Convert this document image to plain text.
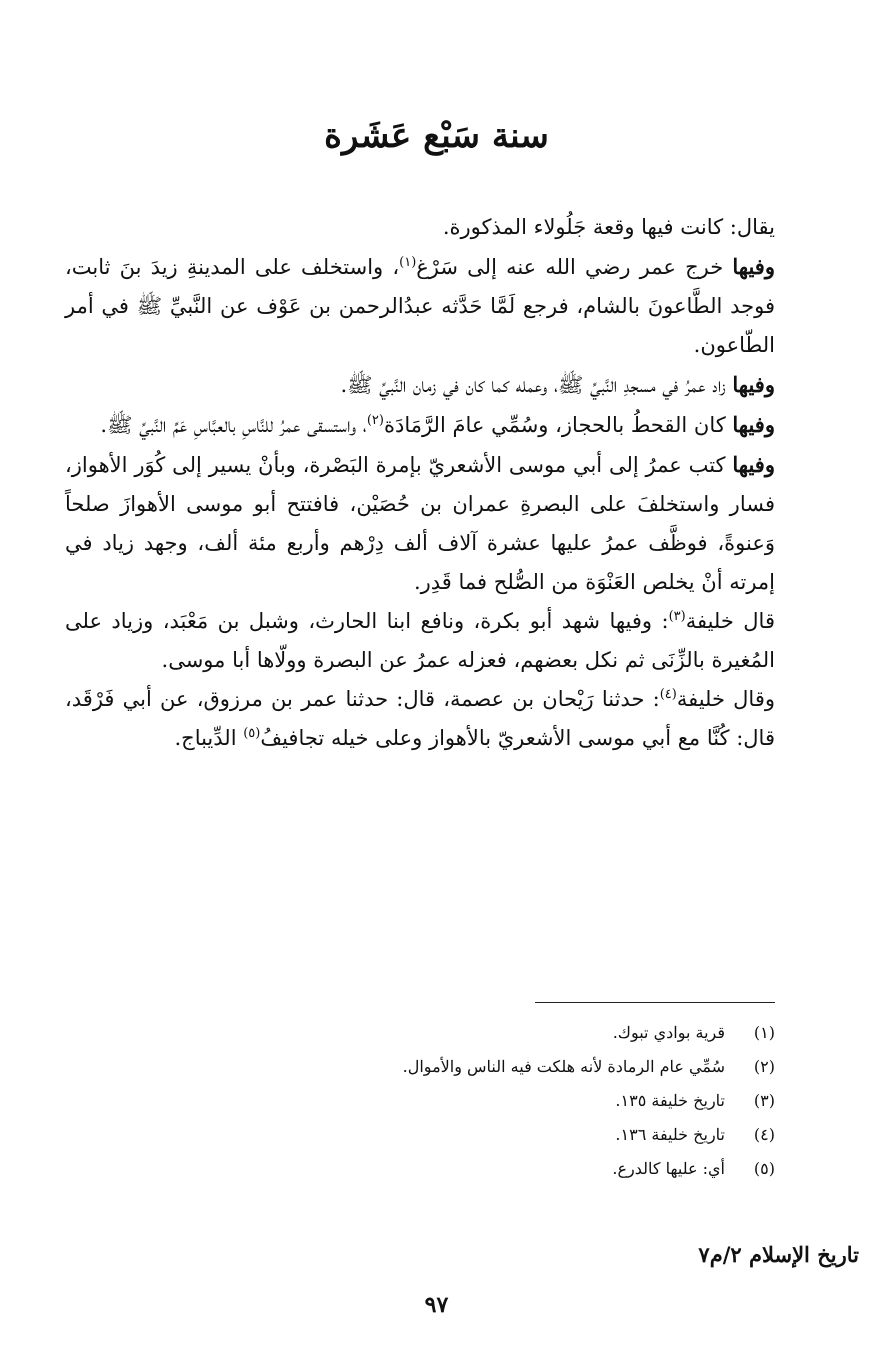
سنة سَبْع عَشَرة

يقال: كانت فيها وقعة جَلُولاء المذكورة.

وفيها خرج عمر رضي الله عنه إلى سَرْغ$^{(١)}$، واستخلف على المدينةِ زيدَ بنَ ثابت، فوجد الطَّاعونَ بالشام، فرجع لَمَّا حَدَّثه عبدُالرحمن بن عَوْف عن النَّبيِّ ﷺ في أمر الطّاعون.

وفيها زاد عمرُ في مسجدِ النَّبيِّ ﷺ، وعمله كما كان في زمان النَّبيِّ ﷺ.

وفيها كان القحطُ بالحجاز، وسُمِّي عامَ الرَّمَادَة$^{(٢)}$، واستسقى عمرُ للنَّاسِ بالعبَّاسِ عَمِّ النَّبيِّ ﷺ.

وفيها كتب عمرُ إلى أبي موسى الأشعريّ بإمرة البَصْرة، وبأنْ يسير إلى كُوَر الأهواز، فسار واستخلفَ على البصرةِ عمران بن حُصَيْن، فافتتح أبو موسى الأهوازَ صلحاً وَعنوةً، فوظَّف عمرُ عليها عشرة آلاف ألف دِرْهم وأربع مئة ألف، وجهد زياد في إمرته أنْ يخلص العَنْوَة من الصُّلح فما قَدِر.

قال خليفة$^{(٣)}$: وفيها شهد أبو بكرة، ونافع ابنا الحارث، وشبل بن مَعْبَد، وزياد على المُغيرة بالزِّنَى ثم نكل بعضهم، فعزله عمرُ عن البصرة وولّاها أبا موسى.

وقال خليفة$^{(٤)}$: حدثنا رَيْحان بن عصمة، قال: حدثنا عمر بن مرزوق، عن أبي فَرْقَد، قال: كُنَّا مع أبي موسى الأشعريّ بالأهواز وعلى خيله تجافيفُ$^{(٥)}$ الدِّيباج.

(١)
قرية بوادي تبوك.
(٢)
سُمِّي عام الرمادة لأنه هلكت فيه الناس والأموال.
(٣)
تاريخ خليفة ١٣٥.
(٤)
تاريخ خليفة ١٣٦.
(٥)
أي: عليها كالدرع.
تاريخ الإسلام ٢/م٧
٩٧
